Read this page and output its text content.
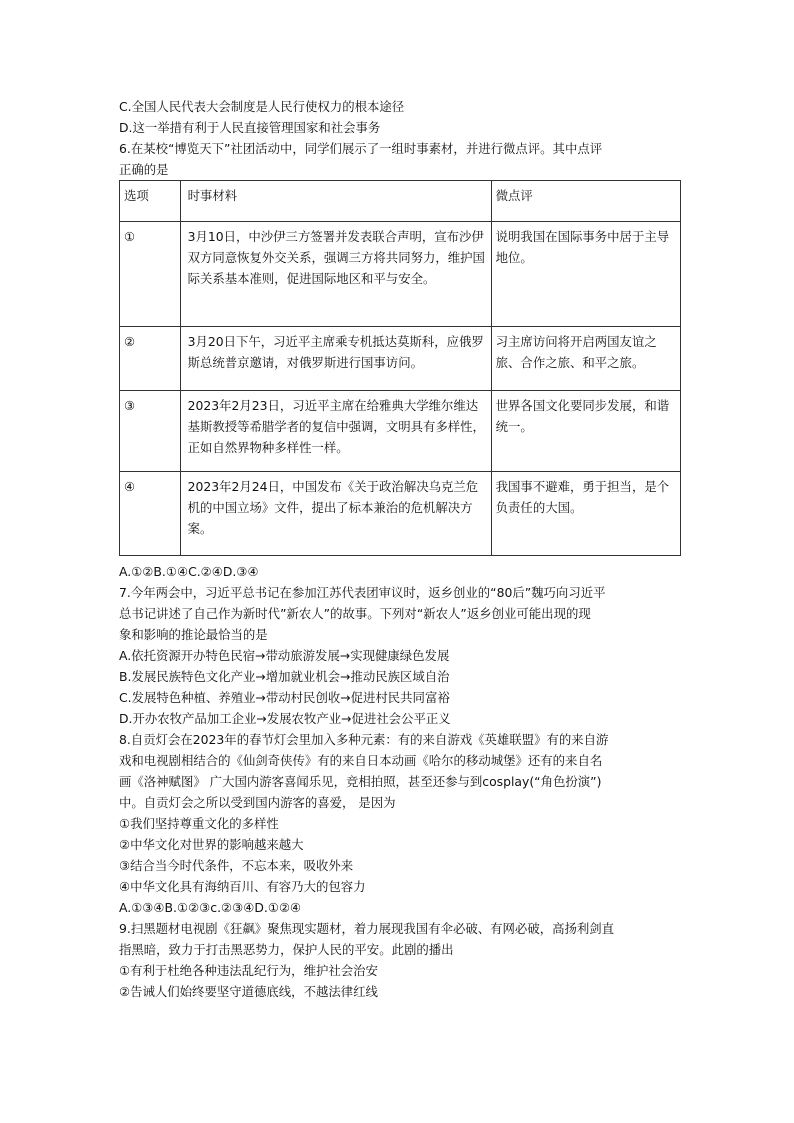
C.全国人民代表大会制度是人民行使权力的根本途径
D.这一举措有利于人民直接管理国家和社会事务
6.在某校“博览天下”社团活动中，同学们展示了一组时事素材，并进行微点评。其中点评
正确的是
选项	时事材料	微点评
①	3月10日，中沙伊三方签署并发表联合声明，宣布沙伊双方同意恢复外交关系，强调三方将共同努力，维护国际关系基本准则，促进国际地区和平与安全。	说明我国在国际事务中居于主导地位。
②	3月20日下午，习近平主席乘专机抵达莫斯科，应俄罗斯总统普京邀请，对俄罗斯进行国事访问。	习主席访问将开启两国友谊之旅、合作之旅、和平之旅。
③	2023年2月23日，习近平主席在给雅典大学维尔维达基斯教授等希腊学者的复信中强调，文明具有多样性，正如自然界物种多样性一样。	世界各国文化要同步发展，和谐统一。
④	2023年2月24日，中国发布《关于政治解决乌克兰危机的中国立场》文件，提出了标本兼治的危机解决方案。	我国事不避难，勇于担当，是个负责任的大国。
A.①②B.①④C.②④D.③④
7.今年两会中，习近平总书记在参加江苏代表团审议时，返乡创业的“80后”魏巧向习近平
总书记讲述了自己作为新时代”新农人”的故事。下列对“新农人”返乡创业可能出现的现
象和影响的推论最恰当的是
A.依托资源开办特色民宿→带动旅游发展→实现健康绿色发展
B.发展民族特色文化产业→增加就业机会→推动民族区域自治
C.发展特色种植、养殖业→带动村民创收→促进村民共同富裕
D.开办农牧产品加工企业→发展农牧产业→促进社会公平正义
8.自贡灯会在2023年的春节灯会里加入多种元素：有的来自游戏《英雄联盟》有的来自游
戏和电视剧相结合的《仙剑奇侠传》有的来自日本动画《哈尔的移动城堡》还有的来自名
画《洛神赋图》 广大国内游客喜闻乐见，竞相拍照，甚至还参与到cosplay(“角色扮演”)
中。自贡灯会之所以受到国内游客的喜爱， 是因为
①我们坚持尊重文化的多样性
②中华文化对世界的影响越来越大
③结合当今时代条件，不忘本来，吸收外来
④中华文化具有海纳百川、有容乃大的包容力
A.①③④B.①②③c.②③④D.①②④
9.扫黑题材电视剧《狂飙》聚焦现实题材，着力展现我国有伞必破、有网必破，高扬利剑直
指黑暗，致力于打击黑恶势力，保护人民的平安。此剧的播出
①有利于杜绝各种违法乱纪行为，维护社会治安
②告诫人们始终要坚守道德底线，不越法律红线
